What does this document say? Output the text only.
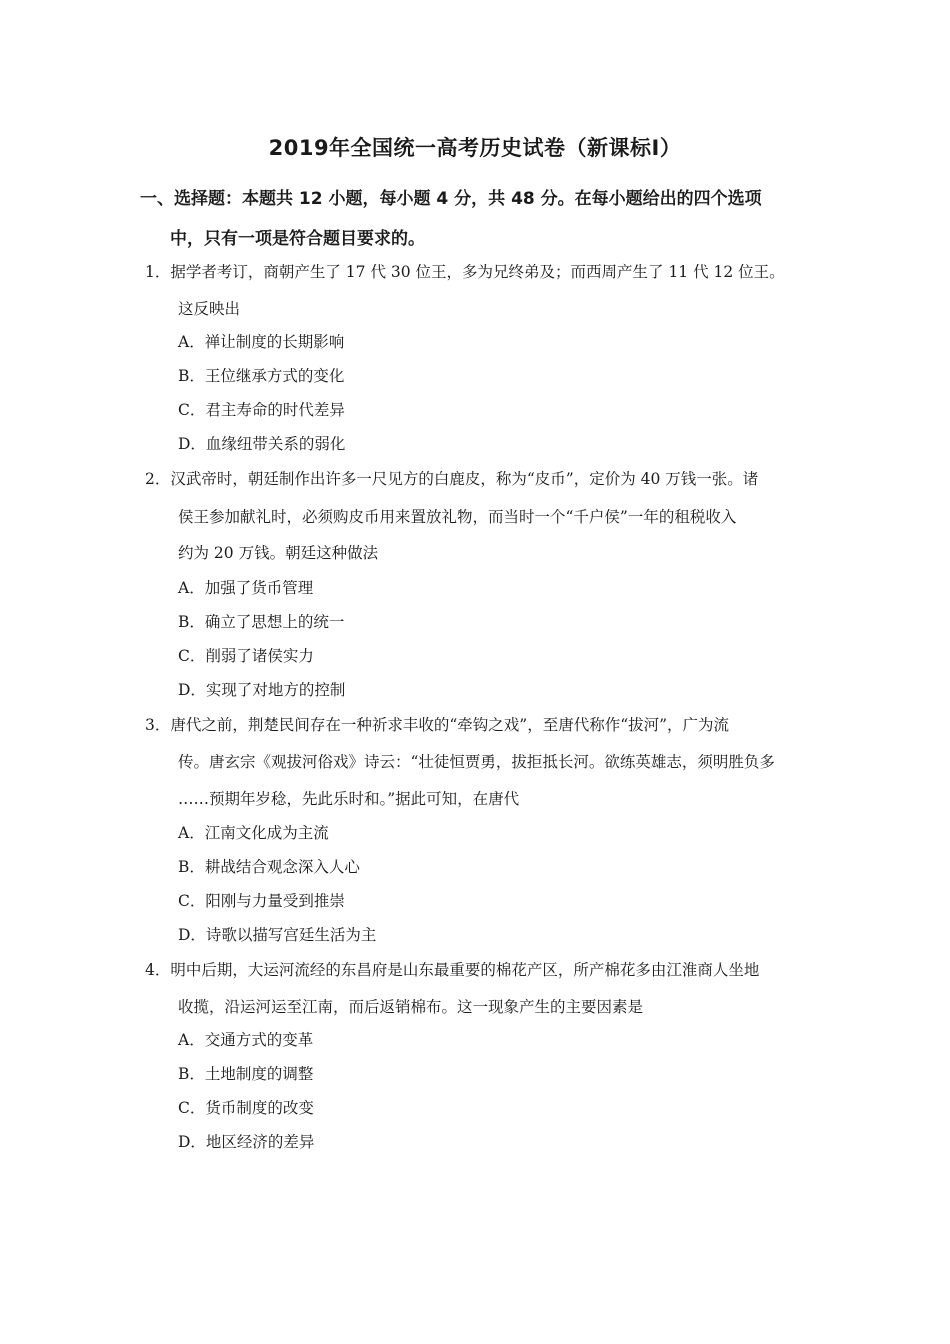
2019年全国统一高考历史试卷（新课标Ⅰ）
一、选择题：本题共 12 小题，每小题 4 分，共 48 分。在每小题给出的四个选项
中，只有一项是符合题目要求的。
1．据学者考订，商朝产生了 17 代 30 位王，多为兄终弟及；而西周产生了 11 代 12 位王。
这反映出
A．禅让制度的长期影响
B．王位继承方式的变化
C．君主寿命的时代差异
D．血缘纽带关系的弱化
2．汉武帝时，朝廷制作出许多一尺见方的白鹿皮，称为“皮币”，定价为 40 万钱一张。诸
侯王参加献礼时，必须购皮币用来置放礼物，而当时一个“千户侯”一年的租税收入
约为 20 万钱。朝廷这种做法
A．加强了货币管理
B．确立了思想上的统一
C．削弱了诸侯实力
D．实现了对地方的控制
3．唐代之前，荆楚民间存在一种祈求丰收的“牵钩之戏”，至唐代称作“拔河”，广为流
传。唐玄宗《观拔河俗戏》诗云：“壮徒恒贾勇，拔拒抵长河。欲练英雄志，须明胜负多
……预期年岁稔，先此乐时和。”据此可知，在唐代
A．江南文化成为主流
B．耕战结合观念深入人心
C．阳刚与力量受到推崇
D．诗歌以描写宫廷生活为主
4．明中后期，大运河流经的东昌府是山东最重要的棉花产区，所产棉花多由江淮商人坐地
收揽，沿运河运至江南，而后返销棉布。这一现象产生的主要因素是
A．交通方式的变革
B．土地制度的调整
C．货币制度的改变
D．地区经济的差异
